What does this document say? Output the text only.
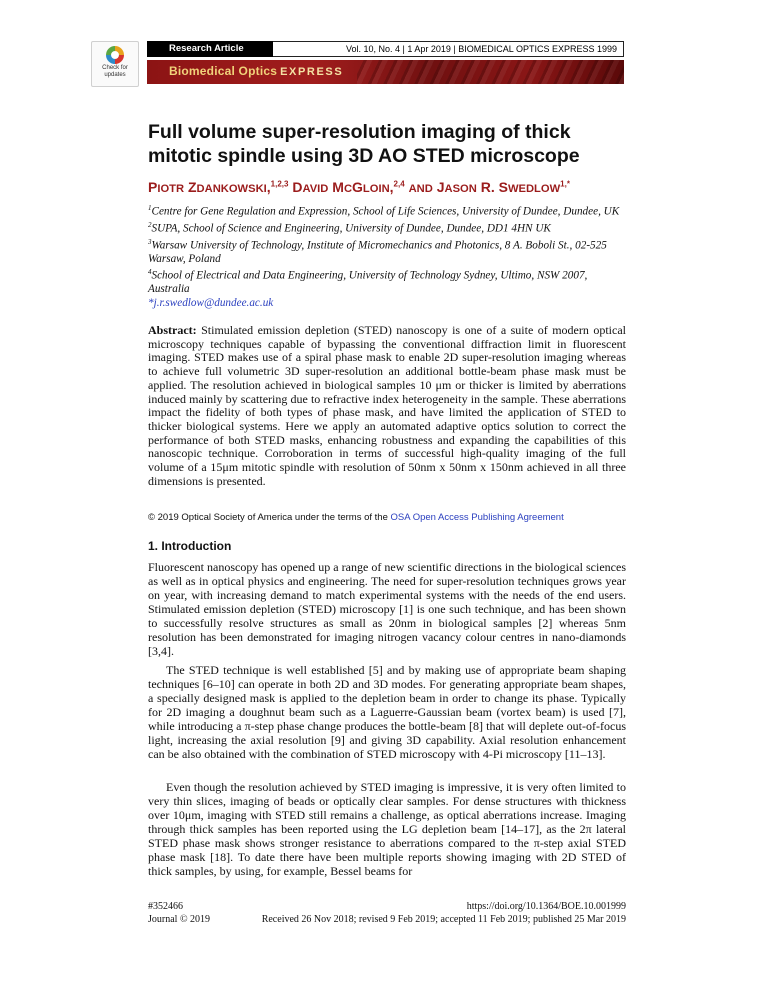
Check for updates
Research Article	Vol. 10, No. 4 | 1 Apr 2019 | BIOMEDICAL OPTICS EXPRESS 1999
Biomedical Optics EXPRESS
Full volume super-resolution imaging of thick mitotic spindle using 3D AO STED microscope
PIOTR ZDANKOWSKI,$^{1,2,3}$ DAVID MCGLOIN,$^{2,4}$ AND JASON R. $SWEDLOW^{1,*}$

$^1$Centre for Gene Regulation and Expression, School of Life Sciences, University of Dundee, Dundee, UK

$^2$SUPA, School of Science and Engineering, University of Dundee, Dundee, DD1 4HN UK

$^3$Warsaw University of Technology, Institute of Micromechanics and Photonics, 8 A. Boboli St., 02-525 Warsaw, Poland

$^4$School of Electrical and Data Engineering, University of Technology Sydney, Ultimo, NSW 2007, Australia

*j.r.swedlow@dundee.ac.uk

Abstract: Stimulated emission depletion (STED) nanoscopy is one of a suite of modern optical microscopy techniques capable of bypassing the conventional diffraction limit in fluorescent imaging. STED makes use of a spiral phase mask to enable 2D super-resolution imaging whereas to achieve full volumetric 3D super-resolution an additional bottle-beam phase mask must be applied. The resolution achieved in biological samples 10 μm or thicker is limited by aberrations induced mainly by scattering due to refractive index heterogeneity in the sample. These aberrations impact the fidelity of both types of phase mask, and have limited the application of STED to thicker biological systems. Here we apply an automated adaptive optics solution to correct the performance of both STED masks, enhancing robustness and expanding the capabilities of this nanoscopic technique. Corroboration in terms of successful high-quality imaging of the full volume of a 15μm mitotic spindle with resolution of 50nm x 50nm x 150nm achieved in all three dimensions is presented.

© 2019 Optical Society of America under the terms of the OSA Open Access Publishing Agreement
1. Introduction

Fluorescent nanoscopy has opened up a range of new scientific directions in the biological sciences as well as in optical physics and engineering. The need for super-resolution techniques grows year on year, with increasing demand to match experimental systems with the needs of the end users. Stimulated emission depletion (STED) microscopy [1] is one such technique, and has been shown to successfully resolve structures as small as 20nm in biological samples [2] whereas 5nm resolution has been demonstrated for imaging nitrogen vacancy colour centres in nano-diamonds [3,4].

The STED technique is well established [5] and by making use of appropriate beam shaping techniques [6–10] can operate in both 2D and 3D modes. For generating appropriate beam shapes, a specially designed mask is applied to the depletion beam in order to change its phase. Typically for 2D imaging a doughnut beam such as a Laguerre-Gaussian beam (vortex beam) is used [7], while introducing a π-step phase change produces the bottle-beam [8] that will deplete out-of-focus light, increasing the axial resolution [9] and giving 3D capability. Axial resolution enhancement can be also obtained with the combination of STED microscopy with 4-Pi microscopy [11–13].

Even though the resolution achieved by STED imaging is impressive, it is very often limited to very thin slices, imaging of beads or optically clear samples. For dense structures with thickness over 10μm, imaging with STED still remains a challenge, as optical aberrations increase. Imaging through thick samples has been reported using the LG depletion beam [14–17], as the 2π lateral STED phase mask shows stronger resistance to aberrations compared to the π-step axial STED phase mask [18]. To date there have been multiple reports showing imaging with 2D STED of thick samples, by using, for example, Bessel beams for

#352466	https://doi.org/10.1364/BOE.10.001999
Journal © 2019	Received 26 Nov 2018; revised 9 Feb 2019; accepted 11 Feb 2019; published 25 Mar 2019
